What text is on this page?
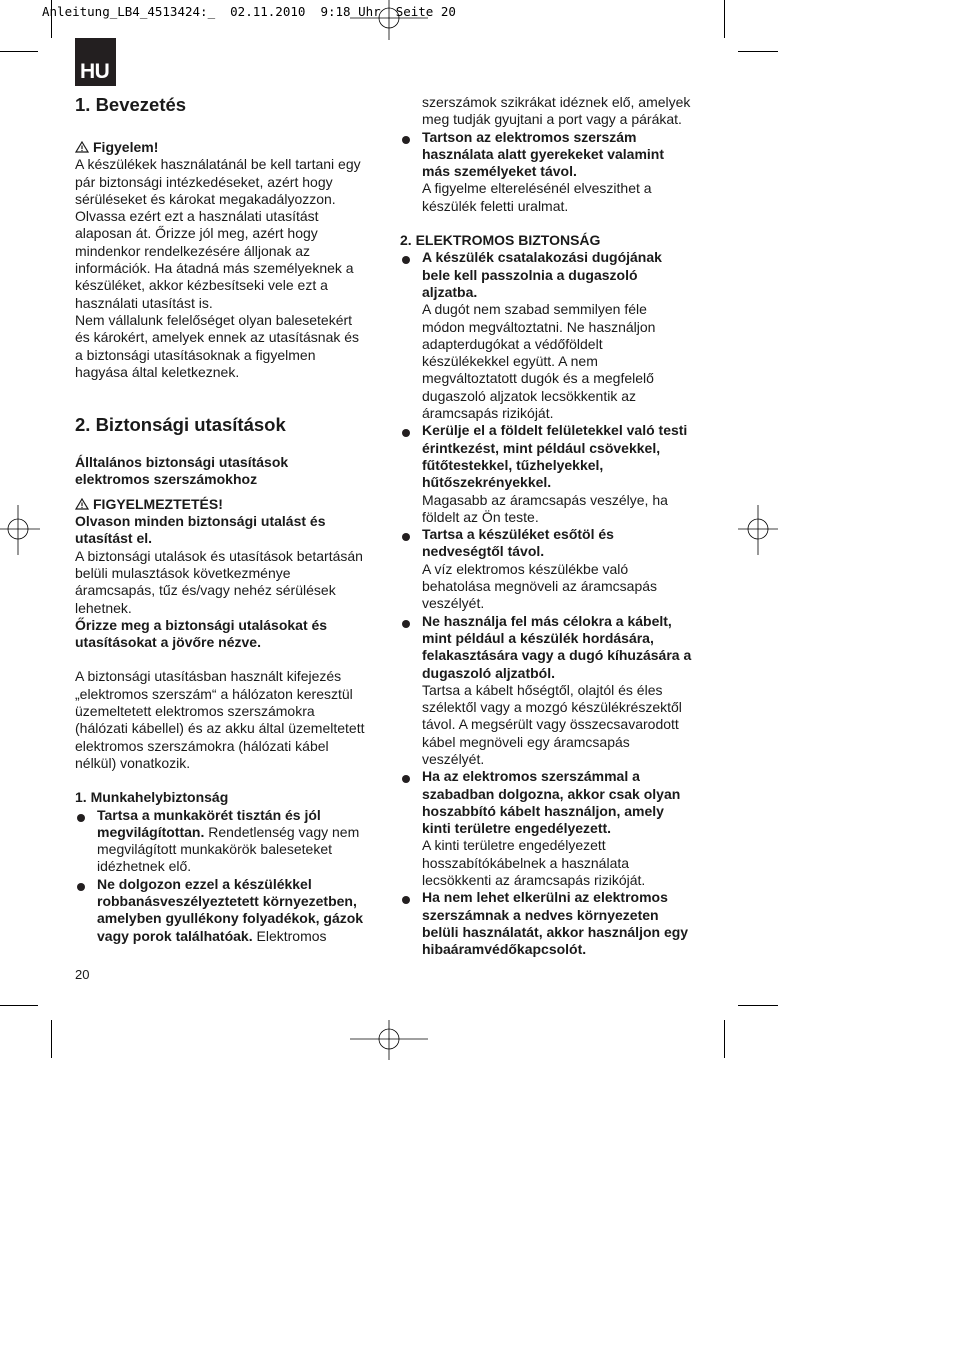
Anleitung_LB4_4513424:_  02.11.2010  9:18 Uhr  Seite 20
HU

1. Bevezetés

Figyelem!

A készülékek használatánál be kell tartani egy

pár biztonsági intézkedéseket, azért hogy

sérüléseket és károkat megakadályozzon.

Olvassa ezért ezt a használati utasítást

alaposan át. Őrizze jól meg, azért hogy

mindenkor rendelkezésére álljonak az

információk. Ha átadná más személyeknek a

készüléket, akkor kézbesítseki vele ezt a

használati utasítást is.

Nem vállalunk felelőséget olyan balesetekért

és károkért, amelyek ennek az utasításnak és

a biztonsági utasításoknak a figyelmen

hagyása által keletkeznek.

2. Biztonsági utasítások

Álltalános biztonsági utasítások

elektromos szerszámokhoz

FIGYELMEZTETÉS!

Olvason minden biztonsági utalást és

utasítást el.

A biztonsági utalások és utasítások betartásán

belüli mulasztások következménye

áramcsapás, tűz és/vagy nehéz sérülések

lehetnek.

Őrizze meg a biztonsági utalásokat és

utasításokat a jövőre nézve.

A biztonsági utasításban használt kifejezés

„elektromos szerszám“ a hálózaton keresztül

üzemeltetett elektromos szerszámokra

(hálózati kábellel) és az akku által üzemeltetett

elektromos szerszámokra (hálózati kábel

nélkül) vonatkozik.

1. Munkahelybiztonság

Tartsa a munkakörét tisztán és jól

megvilágítottan. Rendetlenség vagy nem

megvilágított munkakörök baleseteket

idézhetnek elő.

Ne dolgozon ezzel a készülékkel

robbanásveszélyeztetett környezetben,

amelyben gyullékony folyadékok, gázok

vagy porok találhatóak. Elektromos

szerszámok szikrákat idéznek elő, amelyek

meg tudják gyujtani a port vagy a párákat.

Tartson az elektromos szerszám

használata alatt gyerekeket valamint

más személyeket távol.

A figyelme elterelésénél elveszithet a

készülék feletti uralmat.

2. ELEKTROMOS BIZTONSÁG

A készülék csatalakozási dugójának

bele kell passzolnia a dugaszoló

aljzatba.

A dugót nem szabad semmilyen féle

módon megváltoztatni. Ne használjon

adapterdugókat a védőföldelt

készülékekkel együtt. A nem

megváltoztatott dugók és a megfelelő

dugaszoló aljzatok lecsökkentik az

áramcsapás rizikóját.

Kerülje el a földelt felületekkel való testi

érintkezést, mint például csövekkel,

fűtőtestekkel, tűzhelyekkel,

hűtőszekrényekkel.

Magasabb az áramcsapás veszélye, ha

földelt az Ön teste.

Tartsa a készüléket esőtöl és

nedveségtől távol.

A víz elektromos készülékbe való

behatolása megnöveli az áramcsapás

veszélyét.

Ne használja fel más célokra a kábelt,

mint például a készülék hordására,

felakasztására vagy a dugó kíhuzására a

dugaszoló aljzatból.

Tartsa a kábelt hőségtől, olajtól és éles

szélektől vagy a mozgó készülékrészektől

távol. A megsérült vagy összecsavarodott

kábel megnöveli egy áramcsapás

veszélyét.

Ha az elektromos szerszámmal a

szabadban dolgozna, akkor csak olyan

hoszabbító kábelt használjon, amely

kinti területre engedélyezett.

A kinti területre engedélyezett

hosszabítókábelnek a használata

lecsökkenti az áramcsapás rizikóját.

Ha nem lehet elkerülni az elektromos

szerszámnak a nedves környezeten

belüli használatát, akkor használjon egy

hibaáramvédőkapcsolót.

20
